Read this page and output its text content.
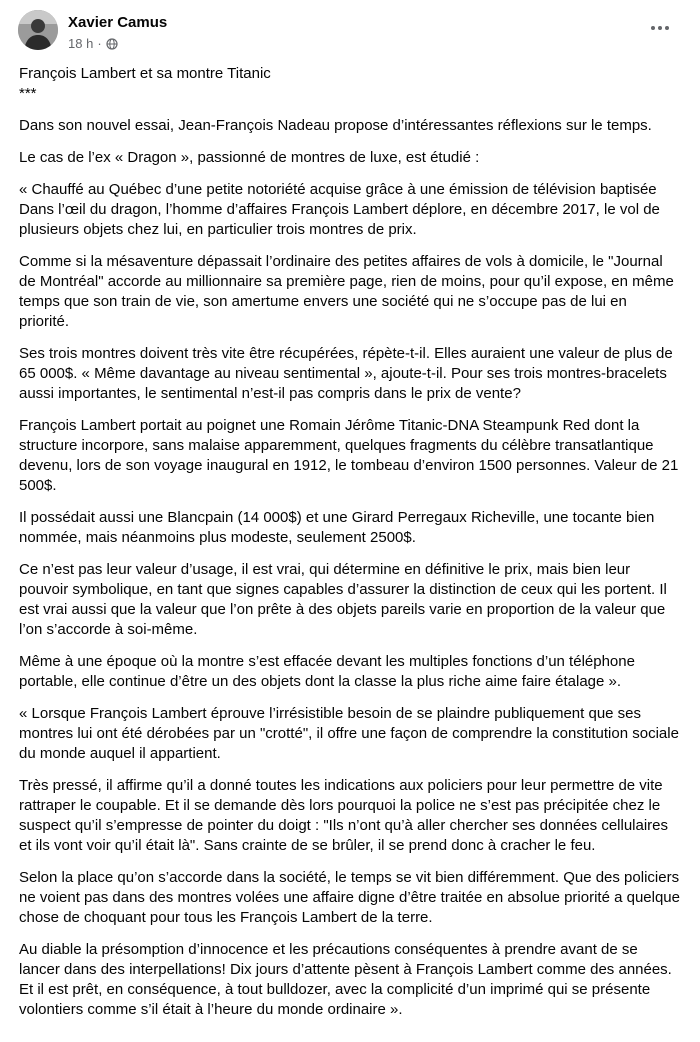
Xavier Camus
18 h ·

François Lambert et sa montre Titanic
***

Dans son nouvel essai, Jean-François Nadeau propose d’intéressantes réflexions sur le temps.

Le cas de l’ex « Dragon », passionné de montres de luxe, est étudié :

« Chauffé au Québec d’une petite notoriété acquise grâce à une émission de télévision baptisée Dans l’œil du dragon, l’homme d’affaires François Lambert déplore, en décembre 2017, le vol de plusieurs objets chez lui, en particulier trois montres de prix.

Comme si la mésaventure dépassait l’ordinaire des petites affaires de vols à domicile, le "Journal de Montréal" accorde au millionnaire sa première page, rien de moins, pour qu’il expose, en même temps que son train de vie, son amertume envers une société qui ne s’occupe pas de lui en priorité.

Ses trois montres doivent très vite être récupérées, répète-t-il. Elles auraient une valeur de plus de 65 000$. « Même davantage au niveau sentimental », ajoute-t-il. Pour ses trois montres-bracelets aussi importantes, le sentimental n’est-il pas compris dans le prix de vente?

François Lambert portait au poignet une Romain Jérôme Titanic-DNA Steampunk Red dont la structure incorpore, sans malaise apparemment, quelques fragments du célèbre transatlantique devenu, lors de son voyage inaugural en 1912, le tombeau d’environ 1500 personnes. Valeur de 21 500$.

Il possédait aussi une Blancpain (14 000$) et une Girard Perregaux Richeville, une tocante bien nommée, mais néanmoins plus modeste, seulement 2500$.

Ce n’est pas leur valeur d’usage, il est vrai, qui détermine en définitive le prix, mais bien leur pouvoir symbolique, en tant que signes capables d’assurer la distinction de ceux qui les portent. Il est vrai aussi que la valeur que l’on prête à des objets pareils varie en proportion de la valeur que l’on s’accorde à soi-même.

Même à une époque où la montre s’est effacée devant les multiples fonctions d’un téléphone portable, elle continue d’être un des objets dont la classe la plus riche aime faire étalage ».

« Lorsque François Lambert éprouve l’irrésistible besoin de se plaindre publiquement que ses montres lui ont été dérobées par un "crotté", il offre une façon de comprendre la constitution sociale du monde auquel il appartient.

Très pressé, il affirme qu’il a donné toutes les indications aux policiers pour leur permettre de vite rattraper le coupable. Et il se demande dès lors pourquoi la police ne s’est pas précipitée chez le suspect qu’il s’empresse de pointer du doigt : "Ils n’ont qu’à aller chercher ses données cellulaires et ils vont voir qu’il était là". Sans crainte de se brûler, il se prend donc à cracher le feu.

Selon la place qu’on s’accorde dans la société, le temps se vit bien différemment. Que des policiers ne voient pas dans des montres volées une affaire digne d’être traitée en absolue priorité a quelque chose de choquant pour tous les François Lambert de la terre.

Au diable la présomption d’innocence et les précautions conséquentes à prendre avant de se lancer dans des interpellations! Dix jours d’attente pèsent à François Lambert comme des années. Et il est prêt, en conséquence, à tout bulldozer, avec la complicité d’un imprimé qui se présente volontiers comme s’il était à l’heure du monde ordinaire ».
